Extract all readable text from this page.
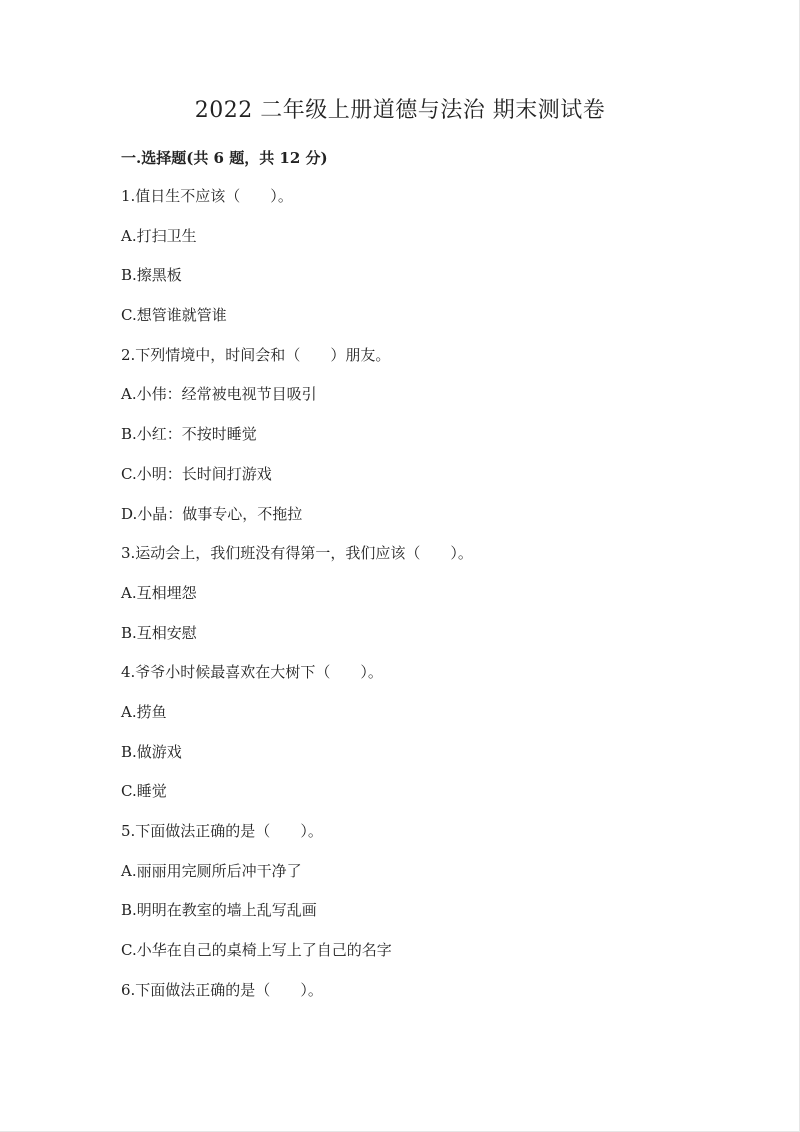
2022 二年级上册道德与法治 期末测试卷
一.选择题(共 6 题，共 12 分)
1.值日生不应该（　　）。
A.打扫卫生
B.擦黑板
C.想管谁就管谁
2.下列情境中，时间会和（　　）朋友。
A.小伟：经常被电视节目吸引
B.小红：不按时睡觉
C.小明：长时间打游戏
D.小晶：做事专心，不拖拉
3.运动会上，我们班没有得第一，我们应该（　　）。
A.互相埋怨
B.互相安慰
4.爷爷小时候最喜欢在大树下（　　）。
A.捞鱼
B.做游戏
C.睡觉
5.下面做法正确的是（　　）。
A.丽丽用完厕所后冲干净了
B.明明在教室的墙上乱写乱画
C.小华在自己的桌椅上写上了自己的名字
6.下面做法正确的是（　　）。
